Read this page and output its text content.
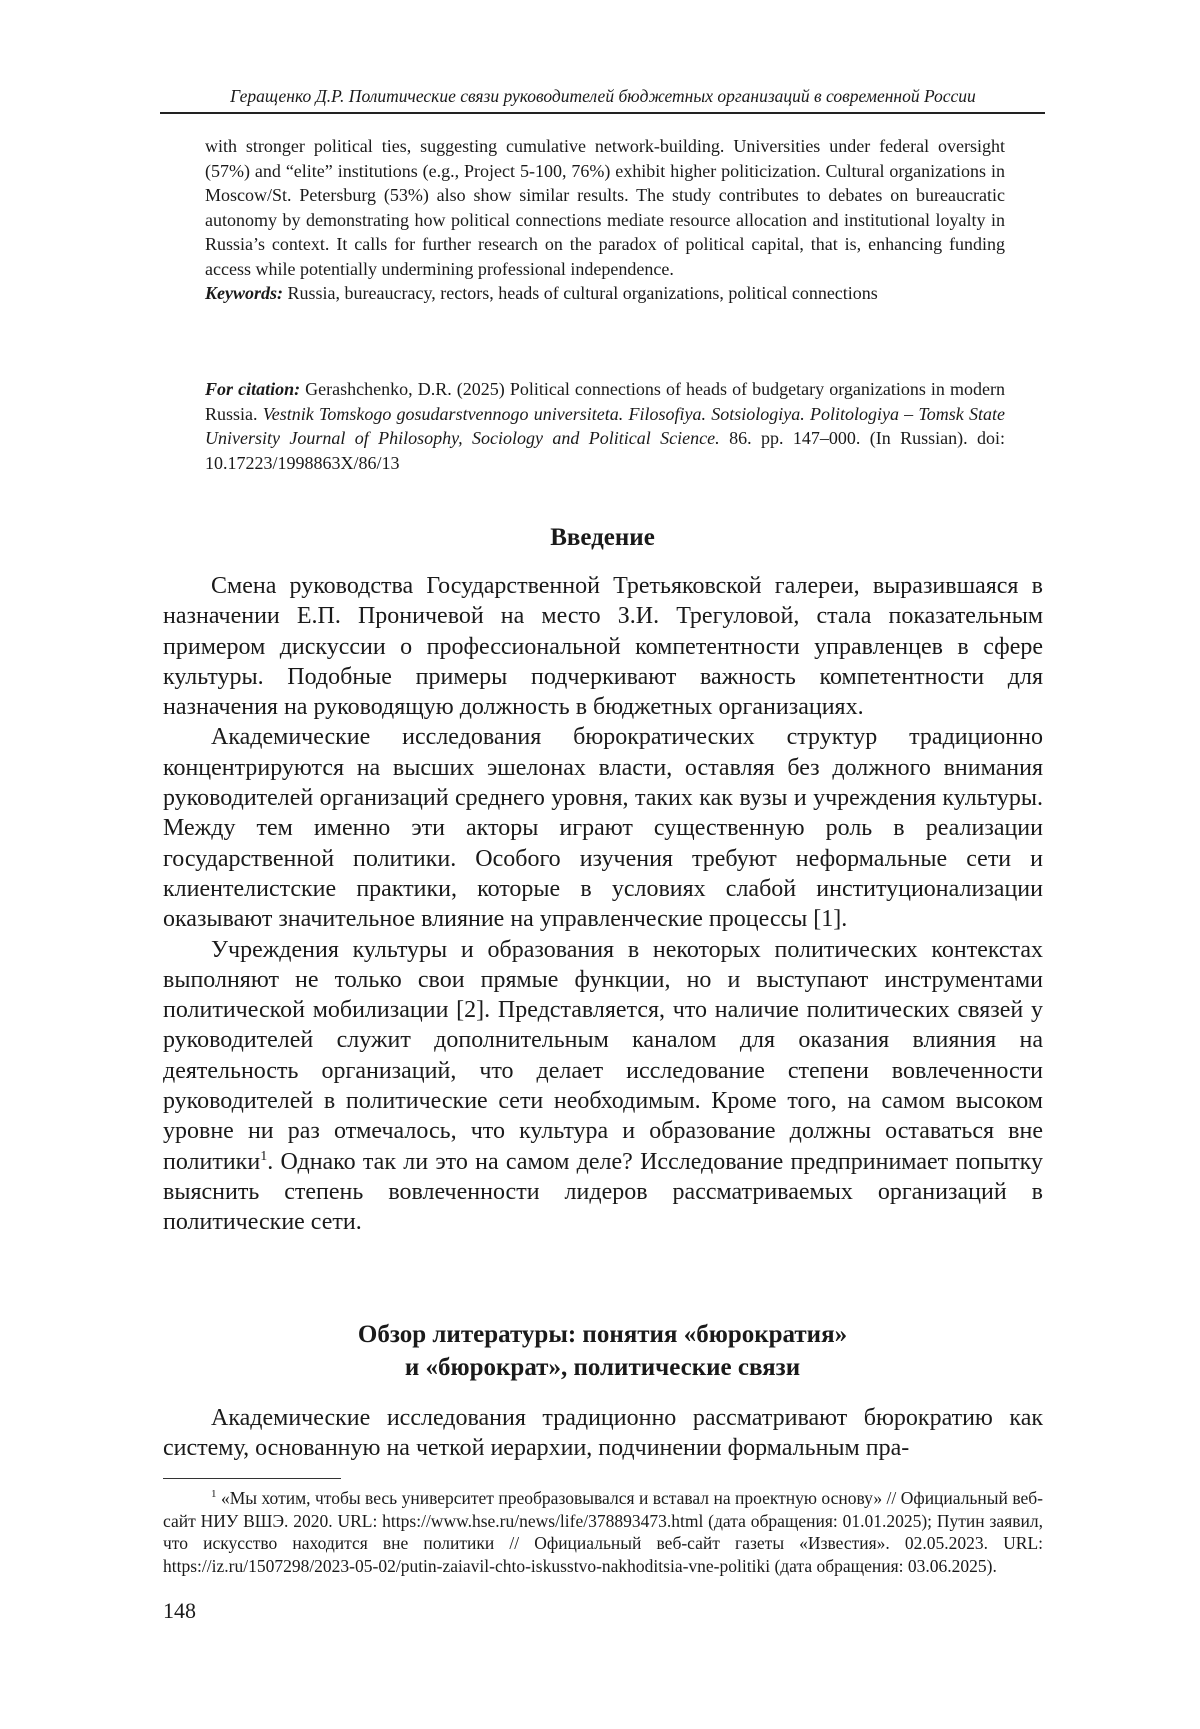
Геращенко Д.Р. Политические связи руководителей бюджетных организаций в современной России

with stronger political ties, suggesting cumulative network-building. Universities under federal oversight (57%) and “elite” institutions (e.g., Project 5-100, 76%) exhibit higher politicization. Cultural organizations in Moscow/St. Petersburg (53%) also show similar results. The study contributes to debates on bureaucratic autonomy by demonstrating how political connections mediate resource allocation and institutional loyalty in Russia’s context. It calls for further research on the paradox of political capital, that is, enhancing funding access while potentially undermining professional independence.

Keywords: Russia, bureaucracy, rectors, heads of cultural organizations, political connections

For citation: Gerashchenko, D.R. (2025) Political connections of heads of budgetary organizations in modern Russia. Vestnik Tomskogo gosudarstvennogo universiteta. Filosofiya. Sotsiologiya. Politologiya – Tomsk State University Journal of Philosophy, Sociology and Political Science. 86. pp. 147–000. (In Russian). doi: 10.17223/1998863X/86/13

Введение

Смена руководства Государственной Третьяковской галереи, выразившаяся в назначении Е.П. Проничевой на место З.И. Трегуловой, стала показательным примером дискуссии о профессиональной компетентности управленцев в сфере культуры. Подобные примеры подчеркивают важность компетентности для назначения на руководящую должность в бюджетных организациях.

Академические исследования бюрократических структур традиционно концентрируются на высших эшелонах власти, оставляя без должного внимания руководителей организаций среднего уровня, таких как вузы и учреждения культуры. Между тем именно эти акторы играют существенную роль в реализации государственной политики. Особого изучения требуют неформальные сети и клиентелистские практики, которые в условиях слабой институционализации оказывают значительное влияние на управленческие процессы [1].

Учреждения культуры и образования в некоторых политических контекстах выполняют не только свои прямые функции, но и выступают инструментами политической мобилизации [2]. Представляется, что наличие политических связей у руководителей служит дополнительным каналом для оказания влияния на деятельность организаций, что делает исследование степени вовлеченности руководителей в политические сети необходимым. Кроме того, на самом высоком уровне ни раз отмечалось, что культура и образование должны оставаться вне политики$^1$. Однако так ли это на самом деле? Исследование предпринимает попытку выяснить степень вовлеченности лидеров рассматриваемых организаций в политические сети.

Обзор литературы: понятия «бюрократия»
и «бюрократ», политические связи

Академические исследования традиционно рассматривают бюрократию как систему, основанную на четкой иерархии, подчинении формальным пра-

$^1$ «Мы хотим, чтобы весь университет преобразовывался и вставал на проектную основу» // Официальный веб-сайт НИУ ВШЭ. 2020. URL: https://www.hse.ru/news/life/378893473.html (дата обращения: 01.01.2025); Путин заявил, что искусство находится вне политики // Официальный веб-сайт газеты «Известия». 02.05.2023. URL: https://iz.ru/1507298/2023-05-02/putin-zaiavil-chto-iskusstvo-nakhoditsia-vne-politiki (дата обращения: 03.06.2025).

148
